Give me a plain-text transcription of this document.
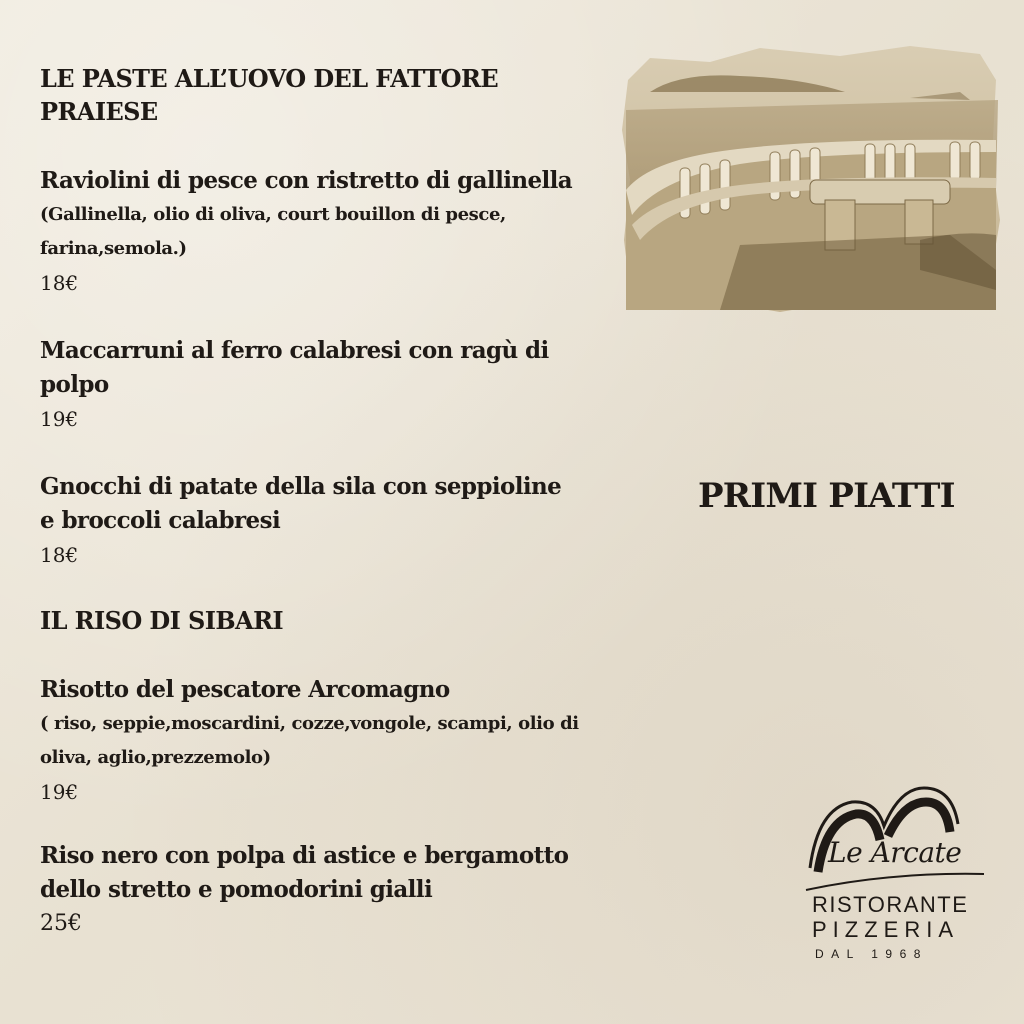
LE PASTE ALL’UOVO DEL FATTORE PRAIESE
Raviolini di pesce con ristretto di gallinella
(Gallinella, olio di oliva, court bouillon di pesce, farina,semola.)
18€
Maccarruni al ferro calabresi con ragù di polpo
19€
Gnocchi di patate della sila con seppioline e broccoli calabresi
18€
IL RISO DI SIBARI
Risotto del pescatore Arcomagno
( riso, seppie,moscardini, cozze,vongole, scampi, olio di oliva, aglio,prezzemolo)
19€
Riso nero con polpa di astice e bergamotto dello stretto e pomodorini gialli
25€
PRIMI PIATTI
Le Arcate
RISTORANTE
PIZZERIA
DAL 1968
